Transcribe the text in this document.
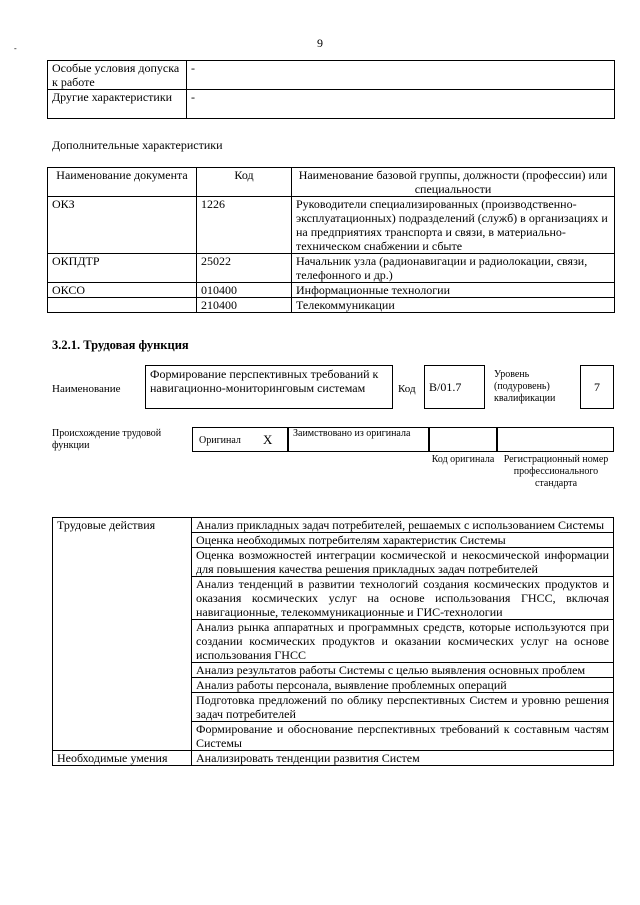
9
-
Особые условия допуска к работе	-
Другие характеристики	-
Дополнительные характеристики
Наименование документа	Код	Наименование базовой группы, должности (профессии) или специальности
ОКЗ	1226	Руководители специализированных (производственно-эксплуатационных) подразделений (служб) в организациях и на предприятиях транспорта и связи, в материально-техническом снабжении и сбыте
ОКПДТР	25022	Начальник узла (радионавигации и радиолокации, связи, телефонного и др.)
ОКСО	010400	Информационные технологии
	210400	Телекоммуникации
3.2.1. Трудовая функция
Наименование
Формирование перспективных требований к навигационно-мониторинговым системам	Код	B/01.7
Уровень (подуровень) квалификации
7
Происхождение трудовой функции	Оригинал X	Заимствовано из оригинала
Код оригинала Регистрационный номер профессионального стандарта
Трудовые действия	Анализ прикладных задач потребителей, решаемых с использованием Системы
	Оценка необходимых потребителям характеристик Системы
	Оценка возможностей интеграции космической и некосмической информации для повышения качества решения прикладных задач потребителей
	Анализ тенденций в развитии технологий создания космических продуктов и оказания космических услуг на основе использования ГНСС, включая навигационные, телекоммуникационные и ГИС-технологии
	Анализ рынка аппаратных и программных средств, которые используются при создании космических продуктов и оказании космических услуг на основе использования ГНСС
	Анализ результатов работы Системы с целью выявления основных проблем
	Анализ работы персонала, выявление проблемных операций
	Подготовка предложений по облику перспективных Систем и уровню решения задач потребителей
	Формирование и обоснование перспективных требований к составным частям Системы
Необходимые умения	Анализировать тенденции развития Систем
